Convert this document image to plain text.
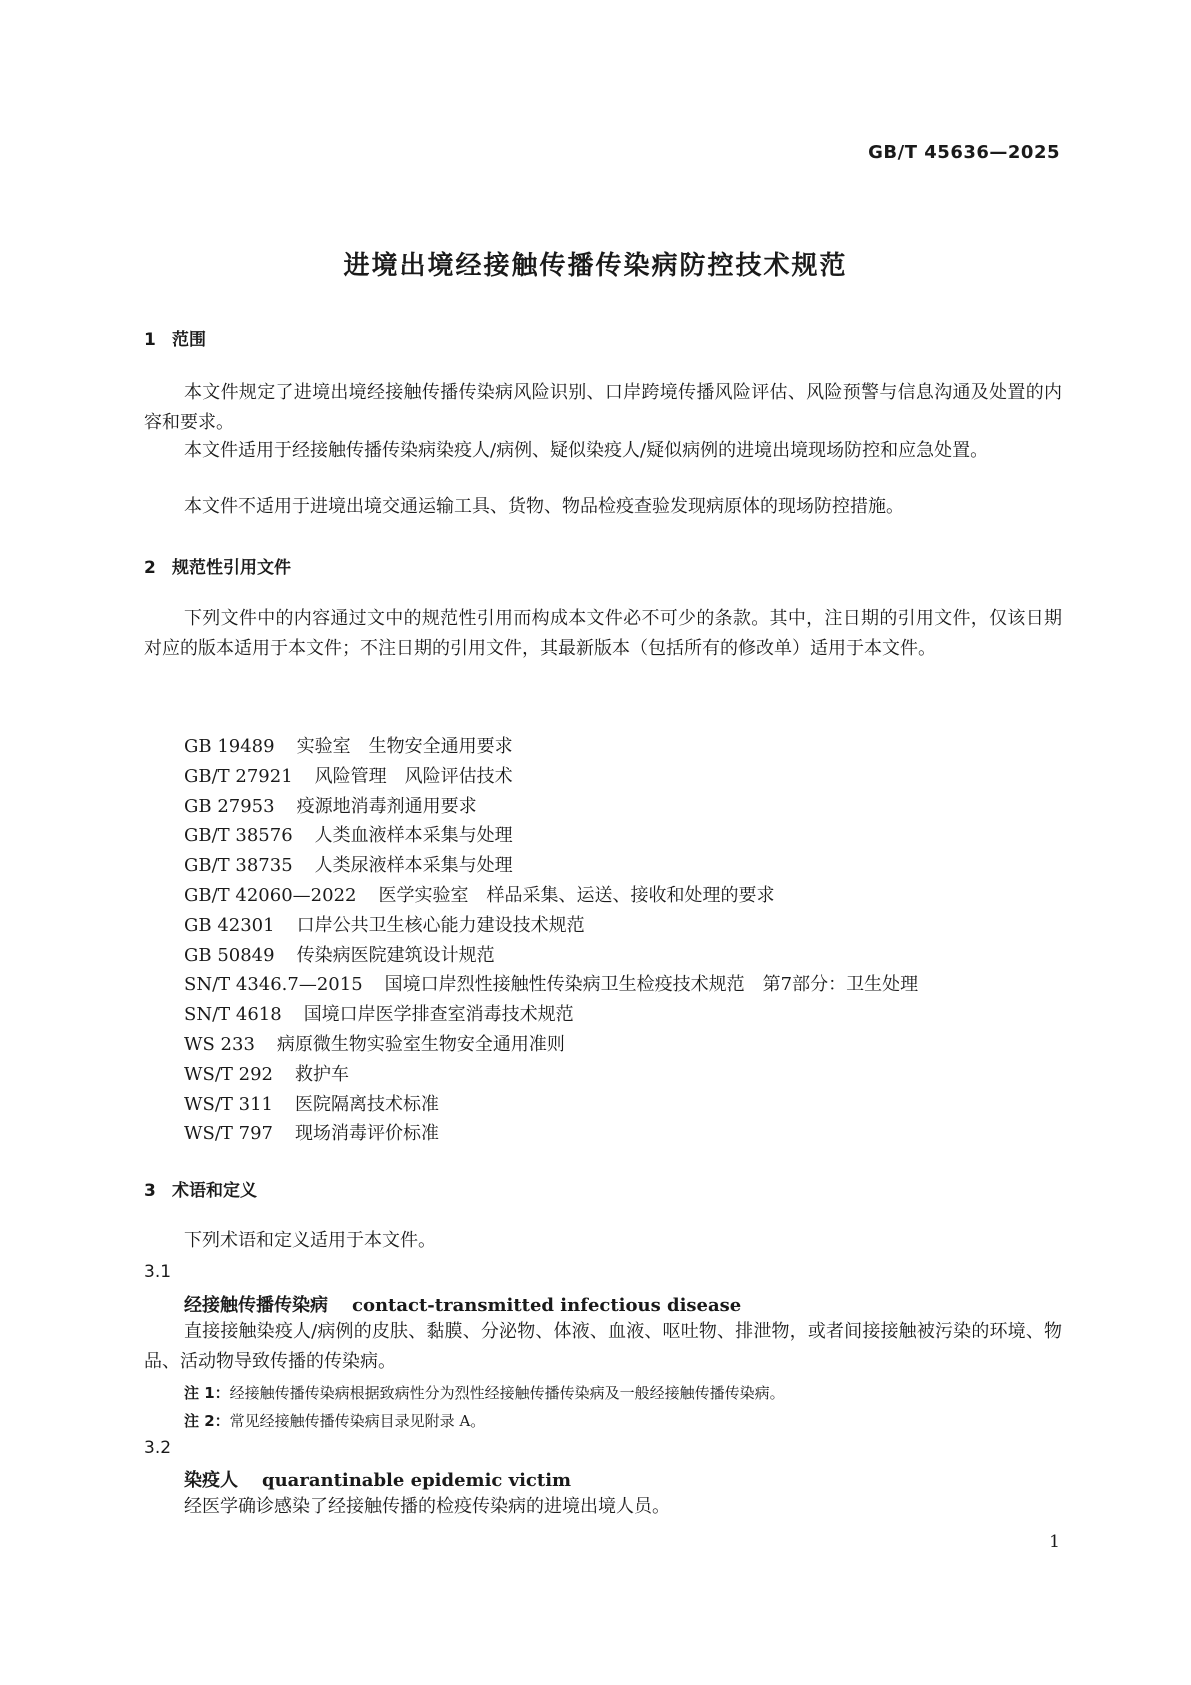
GB/T 45636—2025
进境出境经接触传播传染病防控技术规范
1 范围

本文件规定了进境出境经接触传播传染病风险识别、口岸跨境传播风险评估、风险预警与信息沟通及处置的内容和要求。

本文件适用于经接触传播传染病染疫人/病例、疑似染疫人/疑似病例的进境出境现场防控和应急处置。

本文件不适用于进境出境交通运输工具、货物、物品检疫查验发现病原体的现场防控措施。

2 规范性引用文件

下列文件中的内容通过文中的规范性引用而构成本文件必不可少的条款。其中，注日期的引用文件，仅该日期对应的版本适用于本文件；不注日期的引用文件，其最新版本（包括所有的修改单）适用于本文件。

GB 19489 实验室　生物安全通用要求
GB/T 27921 风险管理　风险评估技术
GB 27953 疫源地消毒剂通用要求
GB/T 38576 人类血液样本采集与处理
GB/T 38735 人类尿液样本采集与处理
GB/T 42060—2022 医学实验室　样品采集、运送、接收和处理的要求
GB 42301 口岸公共卫生核心能力建设技术规范
GB 50849 传染病医院建筑设计规范
SN/T 4346.7—2015 国境口岸烈性接触性传染病卫生检疫技术规范　第7部分：卫生处理
SN/T 4618 国境口岸医学排查室消毒技术规范
WS 233 病原微生物实验室生物安全通用准则
WS/T 292 救护车
WS/T 311 医院隔离技术标准
WS/T 797 现场消毒评价标准
3 术语和定义

下列术语和定义适用于本文件。

3.1
经接触传播传染病 contact-transmitted infectious disease

直接接触染疫人/病例的皮肤、黏膜、分泌物、体液、血液、呕吐物、排泄物，或者间接接触被污染的环境、物品、活动物导致传播的传染病。

注 1：经接触传播传染病根据致病性分为烈性经接触传播传染病及一般经接触传播传染病。
注 2：常见经接触传播传染病目录见附录 A。
3.2
染疫人 quarantinable epidemic victim

经医学确诊感染了经接触传播的检疫传染病的进境出境人员。

1
